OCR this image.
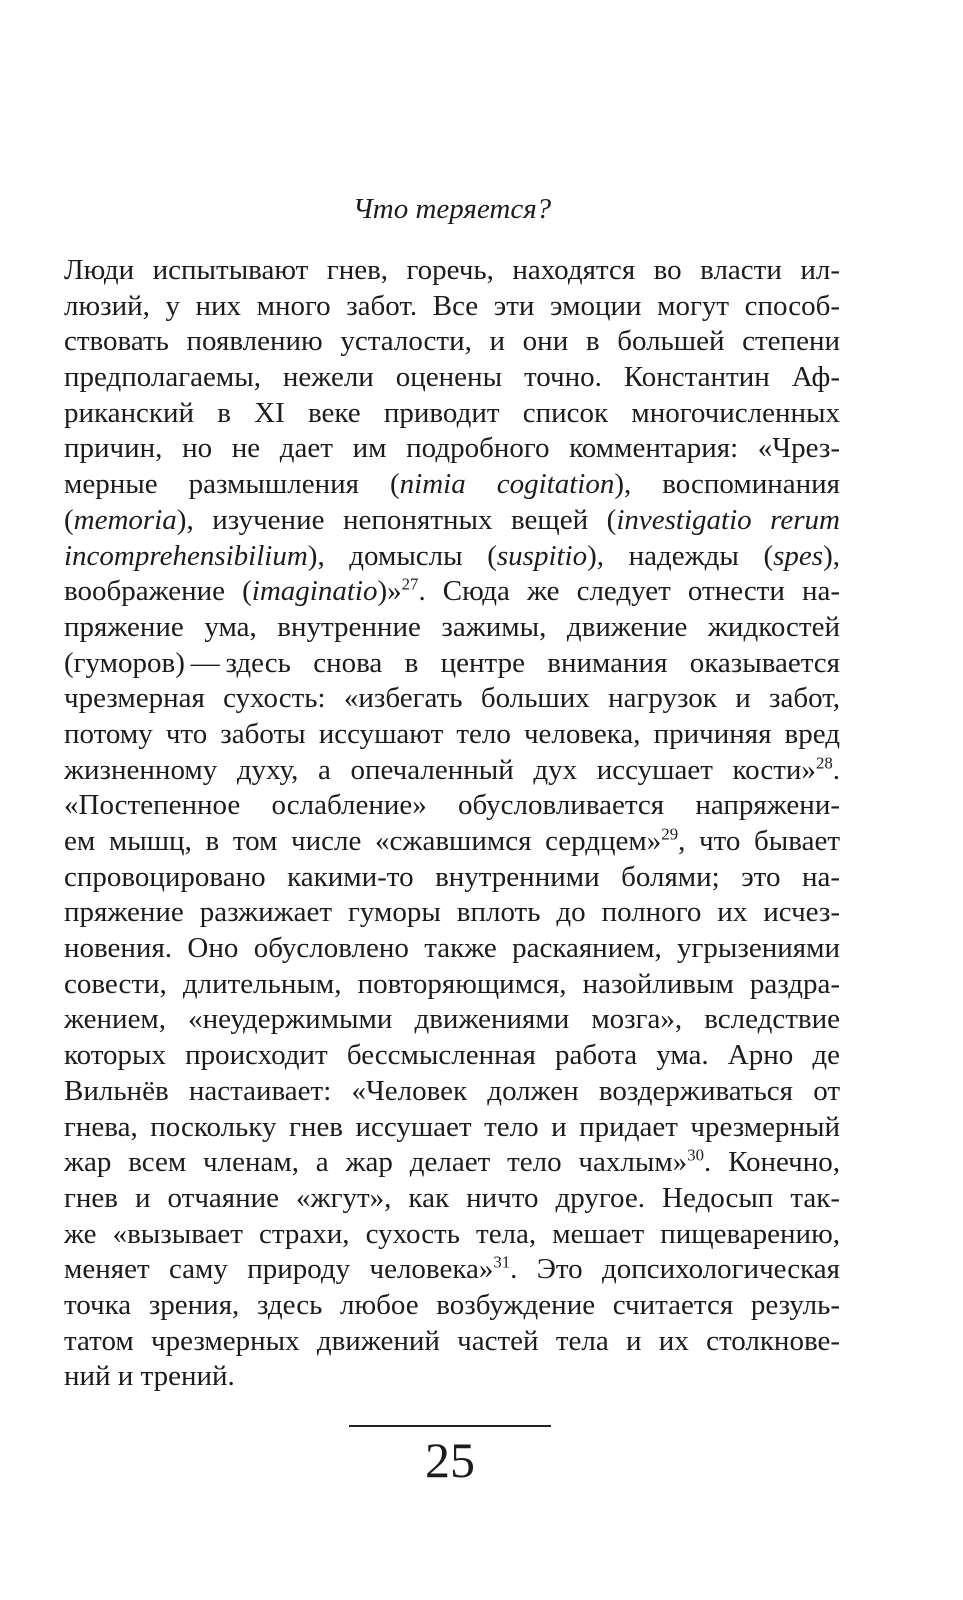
Что теряется?
Люди испытывают гнев, горечь, находятся во власти ил-
люзий, у них много забот. Все эти эмоции могут способ-
ствовать появлению усталости, и они в большей степени
предполагаемы, нежели оценены точно. Константин Аф-
риканский в XI веке приводит список многочисленных
причин, но не дает им подробного комментария: «Чрез-
мерные размышления (nimia cogitation), воспоминания
(memoria), изучение непонятных вещей (investigatio rerum
incomprehensibilium), домыслы (suspitio), надежды (spes),
воображение (imaginatio)»$^{27}$. Сюда же следует отнести на-
пряжение ума, внутренние зажимы, движение жидкостей
(гуморов) — здесь снова в центре внимания оказывается
чрезмерная сухость: «избегать больших нагрузок и забот,
потому что заботы иссушают тело человека, причиняя вред
жизненному духу, а опечаленный дух иссушает кости»$^{28}$.
«Постепенное ослабление» обусловливается напряжени-
ем мышц, в том числе «сжавшимся сердцем»$^{29}$, что бывает
спровоцировано какими-то внутренними болями; это на-
пряжение разжижает гуморы вплоть до полного их исчез-
новения. Оно обусловлено также раскаянием, угрызениями
совести, длительным, повторяющимся, назойливым раздра-
жением, «неудержимыми движениями мозга», вследствие
которых происходит бессмысленная работа ума. Арно де
Вильнёв настаивает: «Человек должен воздерживаться от
гнева, поскольку гнев иссушает тело и придает чрезмерный
жар всем членам, а жар делает тело чахлым»$^{30}$. Конечно,
гнев и отчаяние «жгут», как ничто другое. Недосып так-
же «вызывает страхи, сухость тела, мешает пищеварению,
меняет саму природу человека»$^{31}$. Это допсихологическая
точка зрения, здесь любое возбуждение считается резуль-
татом чрезмерных движений частей тела и их столкнове-
ний и трений.
25
